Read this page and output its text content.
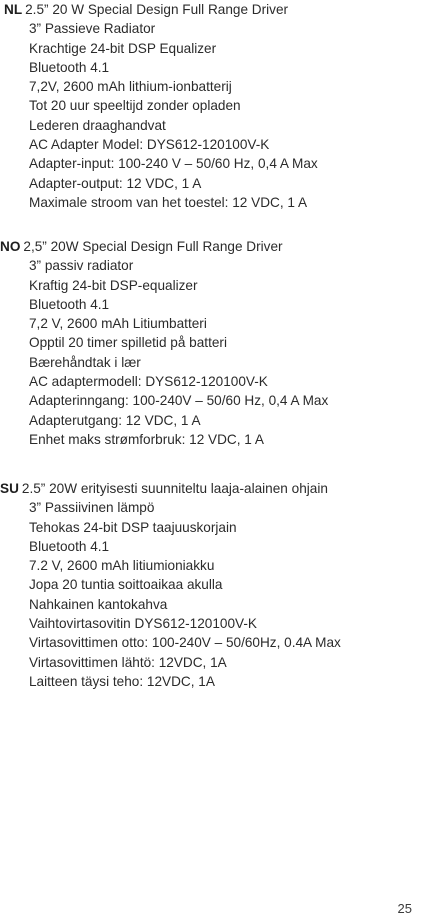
NL 2.5” 20 W Special Design Full Range Driver
3” Passieve Radiator
Krachtige 24-bit DSP Equalizer
Bluetooth 4.1
7,2V, 2600 mAh lithium-ionbatterij
Tot 20 uur speeltijd zonder opladen
Lederen draaghandvat
AC Adapter Model: DYS612-120100V-K
Adapter-input: 100-240 V – 50/60 Hz, 0,4 A Max
Adapter-output: 12 VDC, 1 A
Maximale stroom van het toestel: 12 VDC, 1 A
NO 2,5” 20W Special Design Full Range Driver
3” passiv radiator
Kraftig 24-bit DSP-equalizer
Bluetooth 4.1
7,2 V, 2600 mAh Litiumbatteri
Opptil 20 timer spilletid på batteri
Bærehåndtak i lær
AC adaptermodell: DYS612-120100V-K
Adapterinngang: 100-240V – 50/60 Hz, 0,4 A Max
Adapterutgang: 12 VDC, 1 A
Enhet maks strømforbruk: 12 VDC, 1 A
SU 2.5” 20W erityisesti suunniteltu laaja-alainen ohjain
3” Passiivinen lämpö
Tehokas 24-bit DSP taajuuskorjain
Bluetooth 4.1
7.2 V, 2600 mAh litiumioniakku
Jopa 20 tuntia soittoaikaa akulla
Nahkainen kantokahva
Vaihtovirtasovitin DYS612-120100V-K
Virtasovittimen otto: 100-240V – 50/60Hz, 0.4A Max
Virtasovittimen lähtö: 12VDC, 1A
Laitteen täysi teho: 12VDC, 1A
25
